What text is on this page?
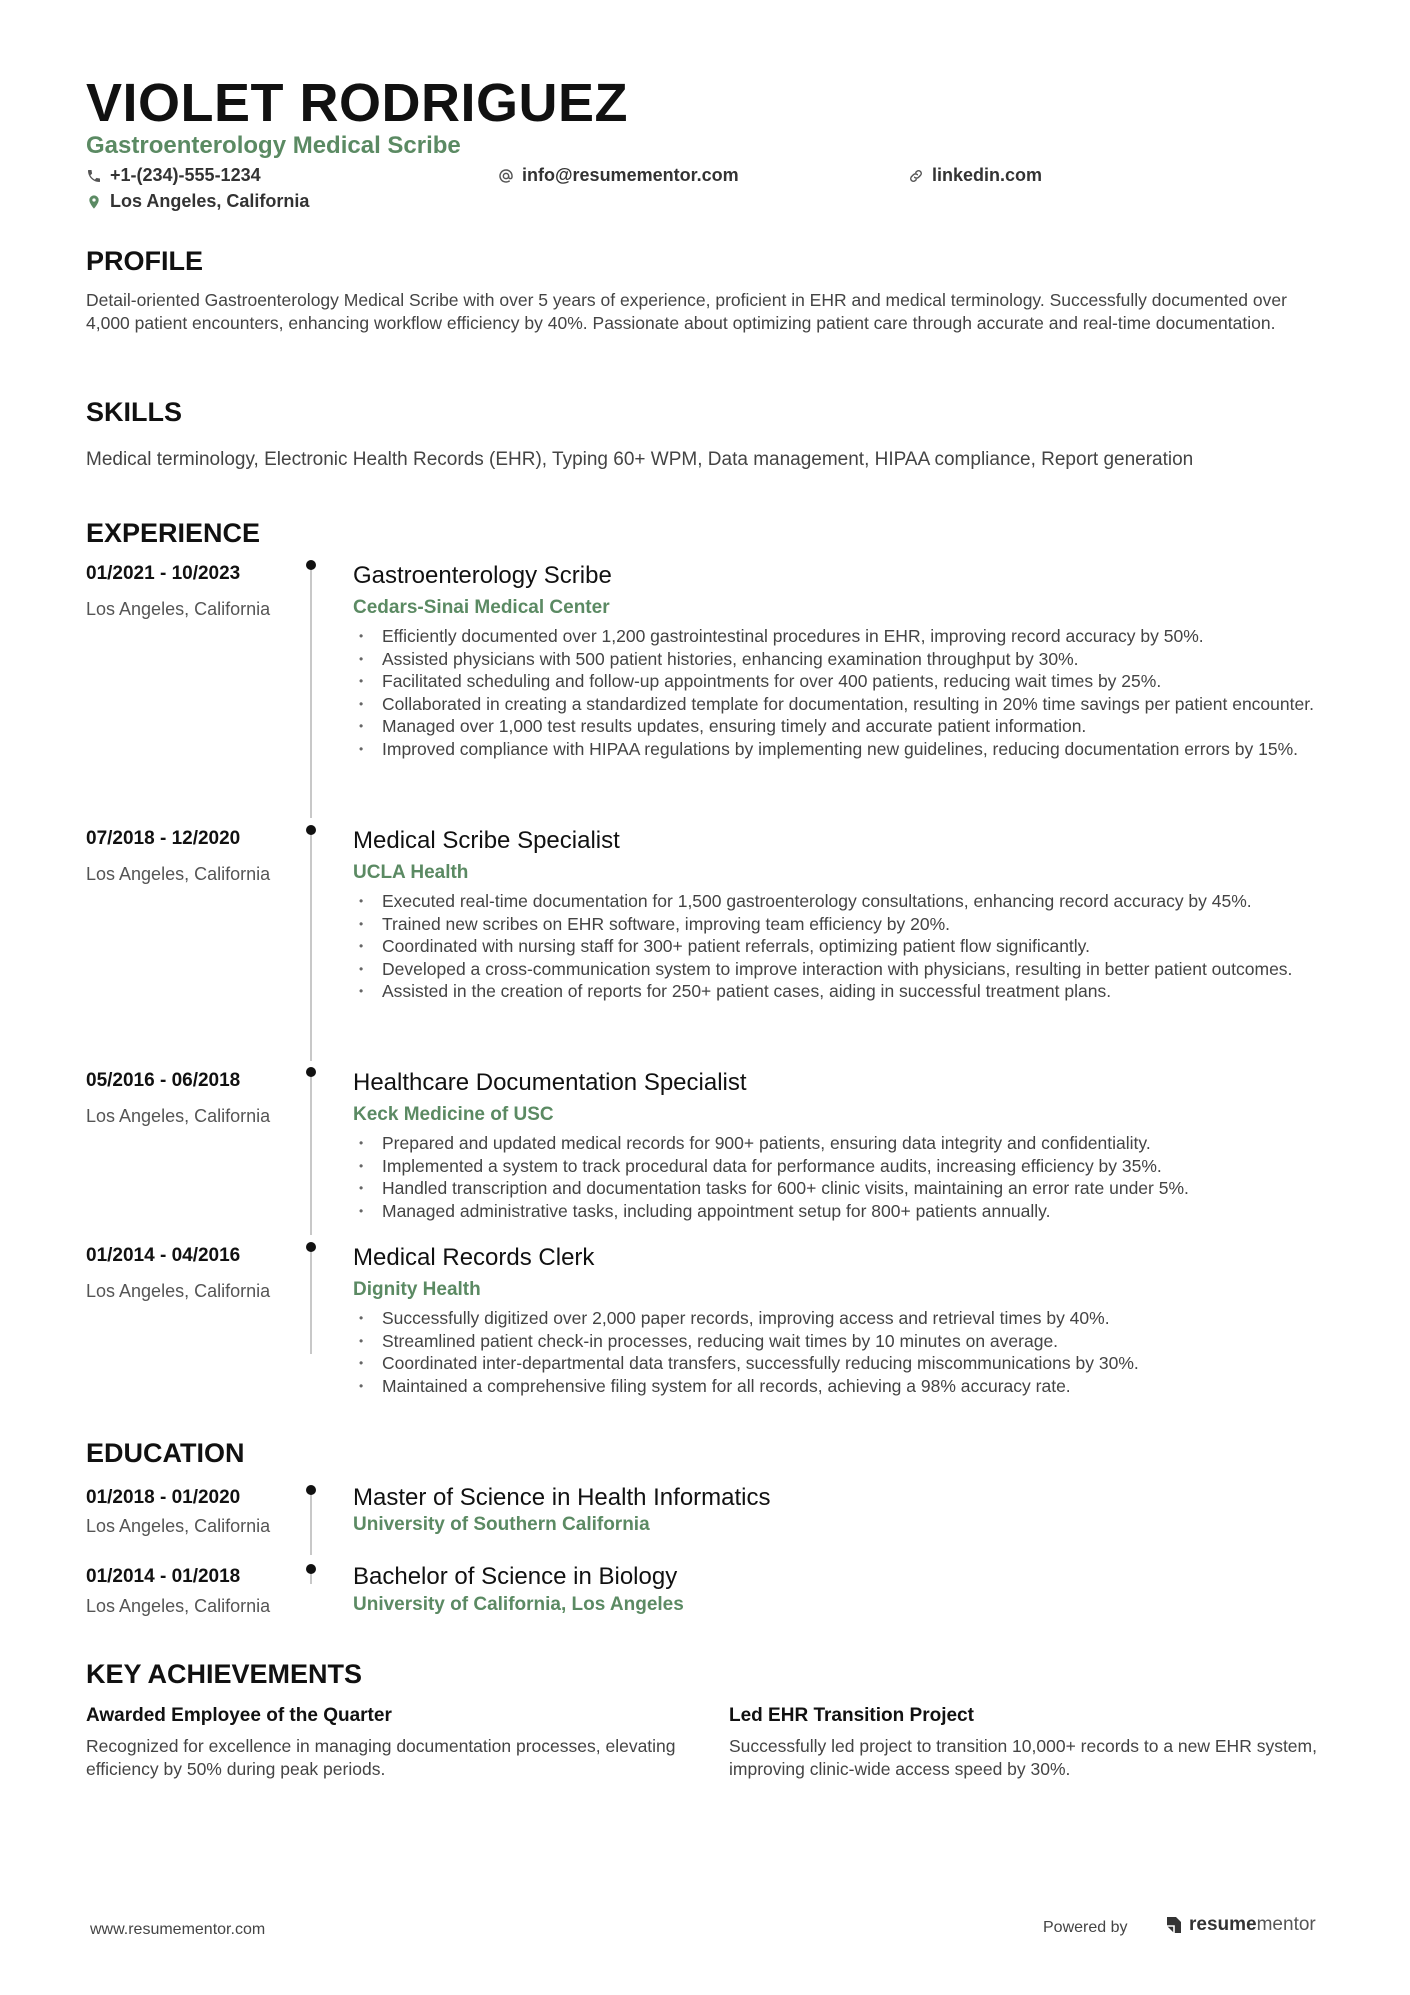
VIOLET RODRIGUEZ
Gastroenterology Medical Scribe
+1-(234)-555-1234	info@resumementor.com	linkedin.com
Los Angeles, California
PROFILE
Detail-oriented Gastroenterology Medical Scribe with over 5 years of experience, proficient in EHR and medical terminology. Successfully documented over 4,000 patient encounters, enhancing workflow efficiency by 40%. Passionate about optimizing patient care through accurate and real-time documentation.
SKILLS
Medical terminology, Electronic Health Records (EHR), Typing 60+ WPM, Data management, HIPAA compliance, Report generation
EXPERIENCE
01/2021 - 10/2023
Los Angeles, California
Gastroenterology Scribe
Cedars-Sinai Medical Center
• Efficiently documented over 1,200 gastrointestinal procedures in EHR, improving record accuracy by 50%.
• Assisted physicians with 500 patient histories, enhancing examination throughput by 30%.
• Facilitated scheduling and follow-up appointments for over 400 patients, reducing wait times by 25%.
• Collaborated in creating a standardized template for documentation, resulting in 20% time savings per patient encounter.
• Managed over 1,000 test results updates, ensuring timely and accurate patient information.
• Improved compliance with HIPAA regulations by implementing new guidelines, reducing documentation errors by 15%.
07/2018 - 12/2020
Los Angeles, California
Medical Scribe Specialist
UCLA Health
• Executed real-time documentation for 1,500 gastroenterology consultations, enhancing record accuracy by 45%.
• Trained new scribes on EHR software, improving team efficiency by 20%.
• Coordinated with nursing staff for 300+ patient referrals, optimizing patient flow significantly.
• Developed a cross-communication system to improve interaction with physicians, resulting in better patient outcomes.
• Assisted in the creation of reports for 250+ patient cases, aiding in successful treatment plans.
05/2016 - 06/2018
Los Angeles, California
Healthcare Documentation Specialist
Keck Medicine of USC
• Prepared and updated medical records for 900+ patients, ensuring data integrity and confidentiality.
• Implemented a system to track procedural data for performance audits, increasing efficiency by 35%.
• Handled transcription and documentation tasks for 600+ clinic visits, maintaining an error rate under 5%.
• Managed administrative tasks, including appointment setup for 800+ patients annually.
01/2014 - 04/2016
Los Angeles, California
Medical Records Clerk
Dignity Health
• Successfully digitized over 2,000 paper records, improving access and retrieval times by 40%.
• Streamlined patient check-in processes, reducing wait times by 10 minutes on average.
• Coordinated inter-departmental data transfers, successfully reducing miscommunications by 30%.
• Maintained a comprehensive filing system for all records, achieving a 98% accuracy rate.
EDUCATION
01/2018 - 01/2020
Los Angeles, California
Master of Science in Health Informatics
University of Southern California
01/2014 - 01/2018
Los Angeles, California
Bachelor of Science in Biology
University of California, Los Angeles
KEY ACHIEVEMENTS
Awarded Employee of the Quarter
Recognized for excellence in managing documentation processes, elevating efficiency by 50% during peak periods.
Led EHR Transition Project
Successfully led project to transition 10,000+ records to a new EHR system, improving clinic-wide access speed by 30%.
www.resumementor.com	Powered by	resumementor
